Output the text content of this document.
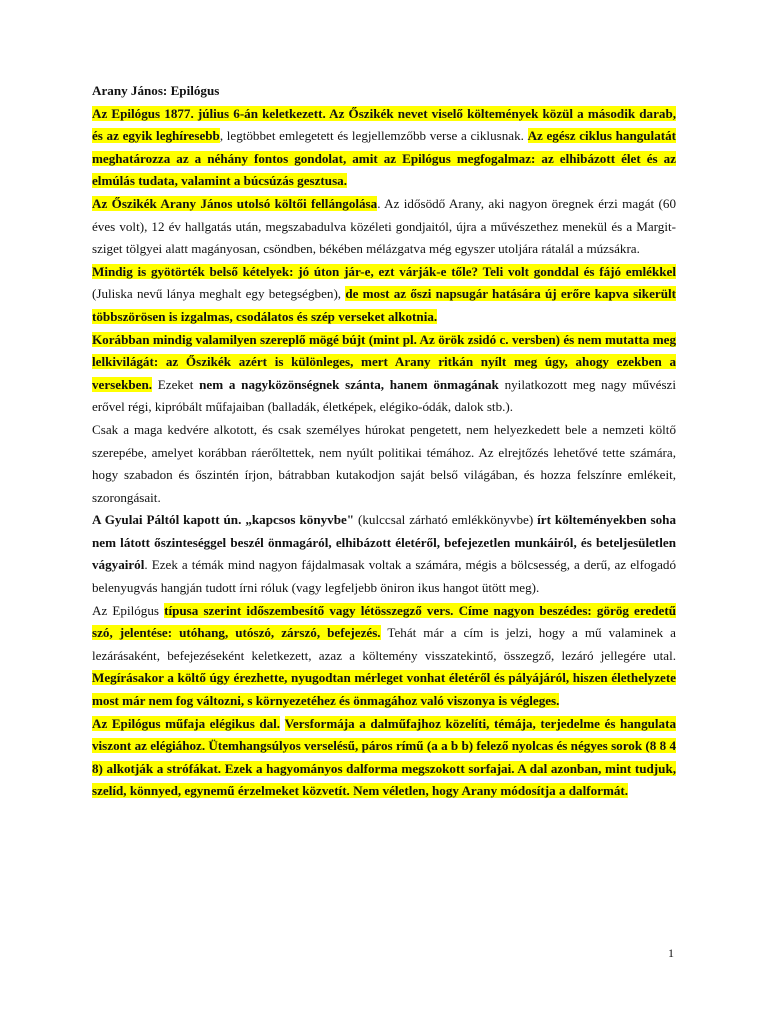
Arany János: Epilógus

Az Epilógus 1877. július 6-án keletkezett. Az Őszikék nevet viselő költemények közül a második darab, és az egyik leghíresebb, legtöbbet emlegetett és legjellemzőbb verse a ciklusnak. Az egész ciklus hangulatát meghatározza az a néhány fontos gondolat, amit az Epilógus megfogalmaz: az elhibázott élet és az elmúlás tudata, valamint a búcsúzás gesztusa.

Az Őszikék Arany János utolsó költői fellángolása. Az idősödő Arany, aki nagyon öregnek érzi magát (60 éves volt), 12 év hallgatás után, megszabadulva közéleti gondjaitól, újra a művészethez menekül és a Margit-sziget tölgyei alatt magányosan, csöndben, békében mélázgatva még egyszer utoljára rátalál a múzsákra.

Mindig is gyötörték belső kételyek: jó úton jár-e, ezt várják-e tőle? Teli volt gonddal és fájó emlékkel (Juliska nevű lánya meghalt egy betegségben), de most az őszi napsugár hatására új erőre kapva sikerült többszörösen is izgalmas, csodálatos és szép verseket alkotnia.

Korábban mindig valamilyen szereplő mögé bújt (mint pl. Az örök zsidó c. versben) és nem mutatta meg lelkivilágát: az Őszikék azért is különleges, mert Arany ritkán nyílt meg úgy, ahogy ezekben a versekben. Ezeket nem a nagyközönségnek szánta, hanem önmagának nyilatkozott meg nagy művészi erővel régi, kipróbált műfajaiban (balladák, életképek, elégiko-ódák, dalok stb.).

Csak a maga kedvére alkotott, és csak személyes húrokat pengetett, nem helyezkedett bele a nemzeti költő szerepébe, amelyet korábban ráerőltettek, nem nyúlt politikai témához. Az elrejtőzés lehetővé tette számára, hogy szabadon és őszintén írjon, bátrabban kutakodjon saját belső világában, és hozza felszínre emlékeit, szorongásait.

A Gyulai Páltól kapott ún. „kapcsos könyvbe" (kulccsal zárható emlékkönyvbe) írt költeményekben soha nem látott őszinteséggel beszél önmagáról, elhibázott életéről, befejezetlen munkáiról, és beteljesületlen vágyairól. Ezek a témák mind nagyon fájdalmasak voltak a számára, mégis a bölcsesség, a derű, az elfogadó belenyugvás hangján tudott írni róluk (vagy legfeljebb öniron ikus hangot ütött meg).

Az Epilógus típusa szerint időszembesítő vagy létösszegző vers. Címe nagyon beszédes: görög eredetű szó, jelentése: utóhang, utószó, zárszó, befejezés. Tehát már a cím is jelzi, hogy a mű valaminek a lezárásaként, befejezéseként keletkezett, azaz a költemény visszatekintő, összegző, lezáró jellegére utal. Megírásakor a költő úgy érezhette, nyugodtan mérleget vonhat életéről és pályájáról, hiszen élethelyzete most már nem fog változni, s környezetéhez és önmagához való viszonya is végleges.

Az Epilógus műfaja elégikus dal. Versformája a dalműfajhoz közelíti, témája, terjedelme és hangulata viszont az elégiához. Ütemhangsúlyos verselésű, páros rímű (a a b b) felező nyolcas és négyes sorok (8 8 4 8) alkotják a strófákat. Ezek a hagyományos dalforma megszokott sorfajai. A dal azonban, mint tudjuk, szelíd, könnyed, egynemű érzelmeket közvetít. Nem véletlen, hogy Arany módosítja a dalformát.

1
